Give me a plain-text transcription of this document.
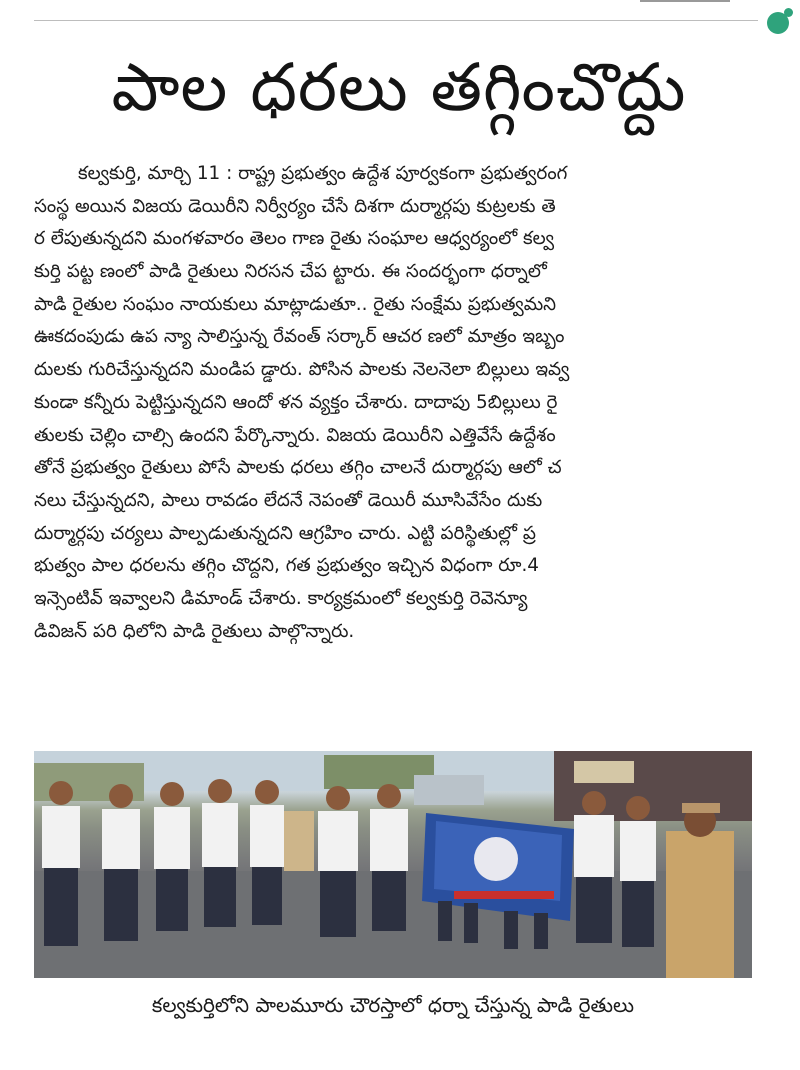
పాల ధరలు తగ్గించొద్దు
కల్వకుర్తి, మార్చి 11 : రాష్ట్ర ప్రభుత్వం ఉద్దేశ పూర్వకంగా ప్రభుత్వరంగ
సంస్థ అయిన విజయ డెయిరీని నిర్వీర్యం చేసే దిశగా దుర్మార్గపు కుట్రలకు తె
ర లేపుతున్నదని మంగళవారం తెలం గాణ రైతు సంఘాల ఆధ్వర్యంలో కల్వ
కుర్తి పట్ట ణంలో పాడి రైతులు నిరసన చేప ట్టారు. ఈ సందర్భంగా ధర్నాలో
పాడి రైతుల సంఘం నాయకులు మాట్లాడుతూ.. రైతు సంక్షేమ ప్రభుత్వమని
ఊకదంపుడు ఉప న్యా సాలిస్తున్న రేవంత్ సర్కార్ ఆచర ణలో మాత్రం ఇబ్బం
దులకు గురిచేస్తున్నదని మండిప డ్డారు. పోసిన పాలకు నెలనెలా బిల్లులు ఇవ్వ
కుండా కన్నీరు పెట్టిస్తున్నదని ఆందో ళన వ్యక్తం చేశారు. దాదాపు 5బిల్లులు రై
తులకు చెల్లిం చాల్సి ఉందని పేర్కొన్నారు. విజయ డెయిరీని ఎత్తివేసే ఉద్దేశం
తోనే ప్రభుత్వం రైతులు పోసే పాలకు ధరలు తగ్గిం చాలనే దుర్మార్గపు ఆలో చ
నలు చేస్తున్నదని, పాలు రావడం లేదనే నెపంతో డెయిరీ మూసివేసేం దుకు
దుర్మార్గపు చర్యలు పాల్పడుతున్నదని ఆగ్రహిం చారు. ఎట్టి పరిస్థితుల్లో ప్ర
భుత్వం పాల ధరలను తగ్గిం చొద్దని, గత ప్రభుత్వం ఇచ్చిన విధంగా రూ.4
ఇన్సెంటివ్ ఇవ్వాలని డిమాండ్ చేశారు. కార్యక్రమంలో కల్వకుర్తి రెవెన్యూ
డివిజన్ పరి ధిలోని పాడి రైతులు పాల్గొన్నారు.
కల్వకుర్తిలోని పాలమూరు చౌరస్తాలో ధర్నా చేస్తున్న పాడి రైతులు
